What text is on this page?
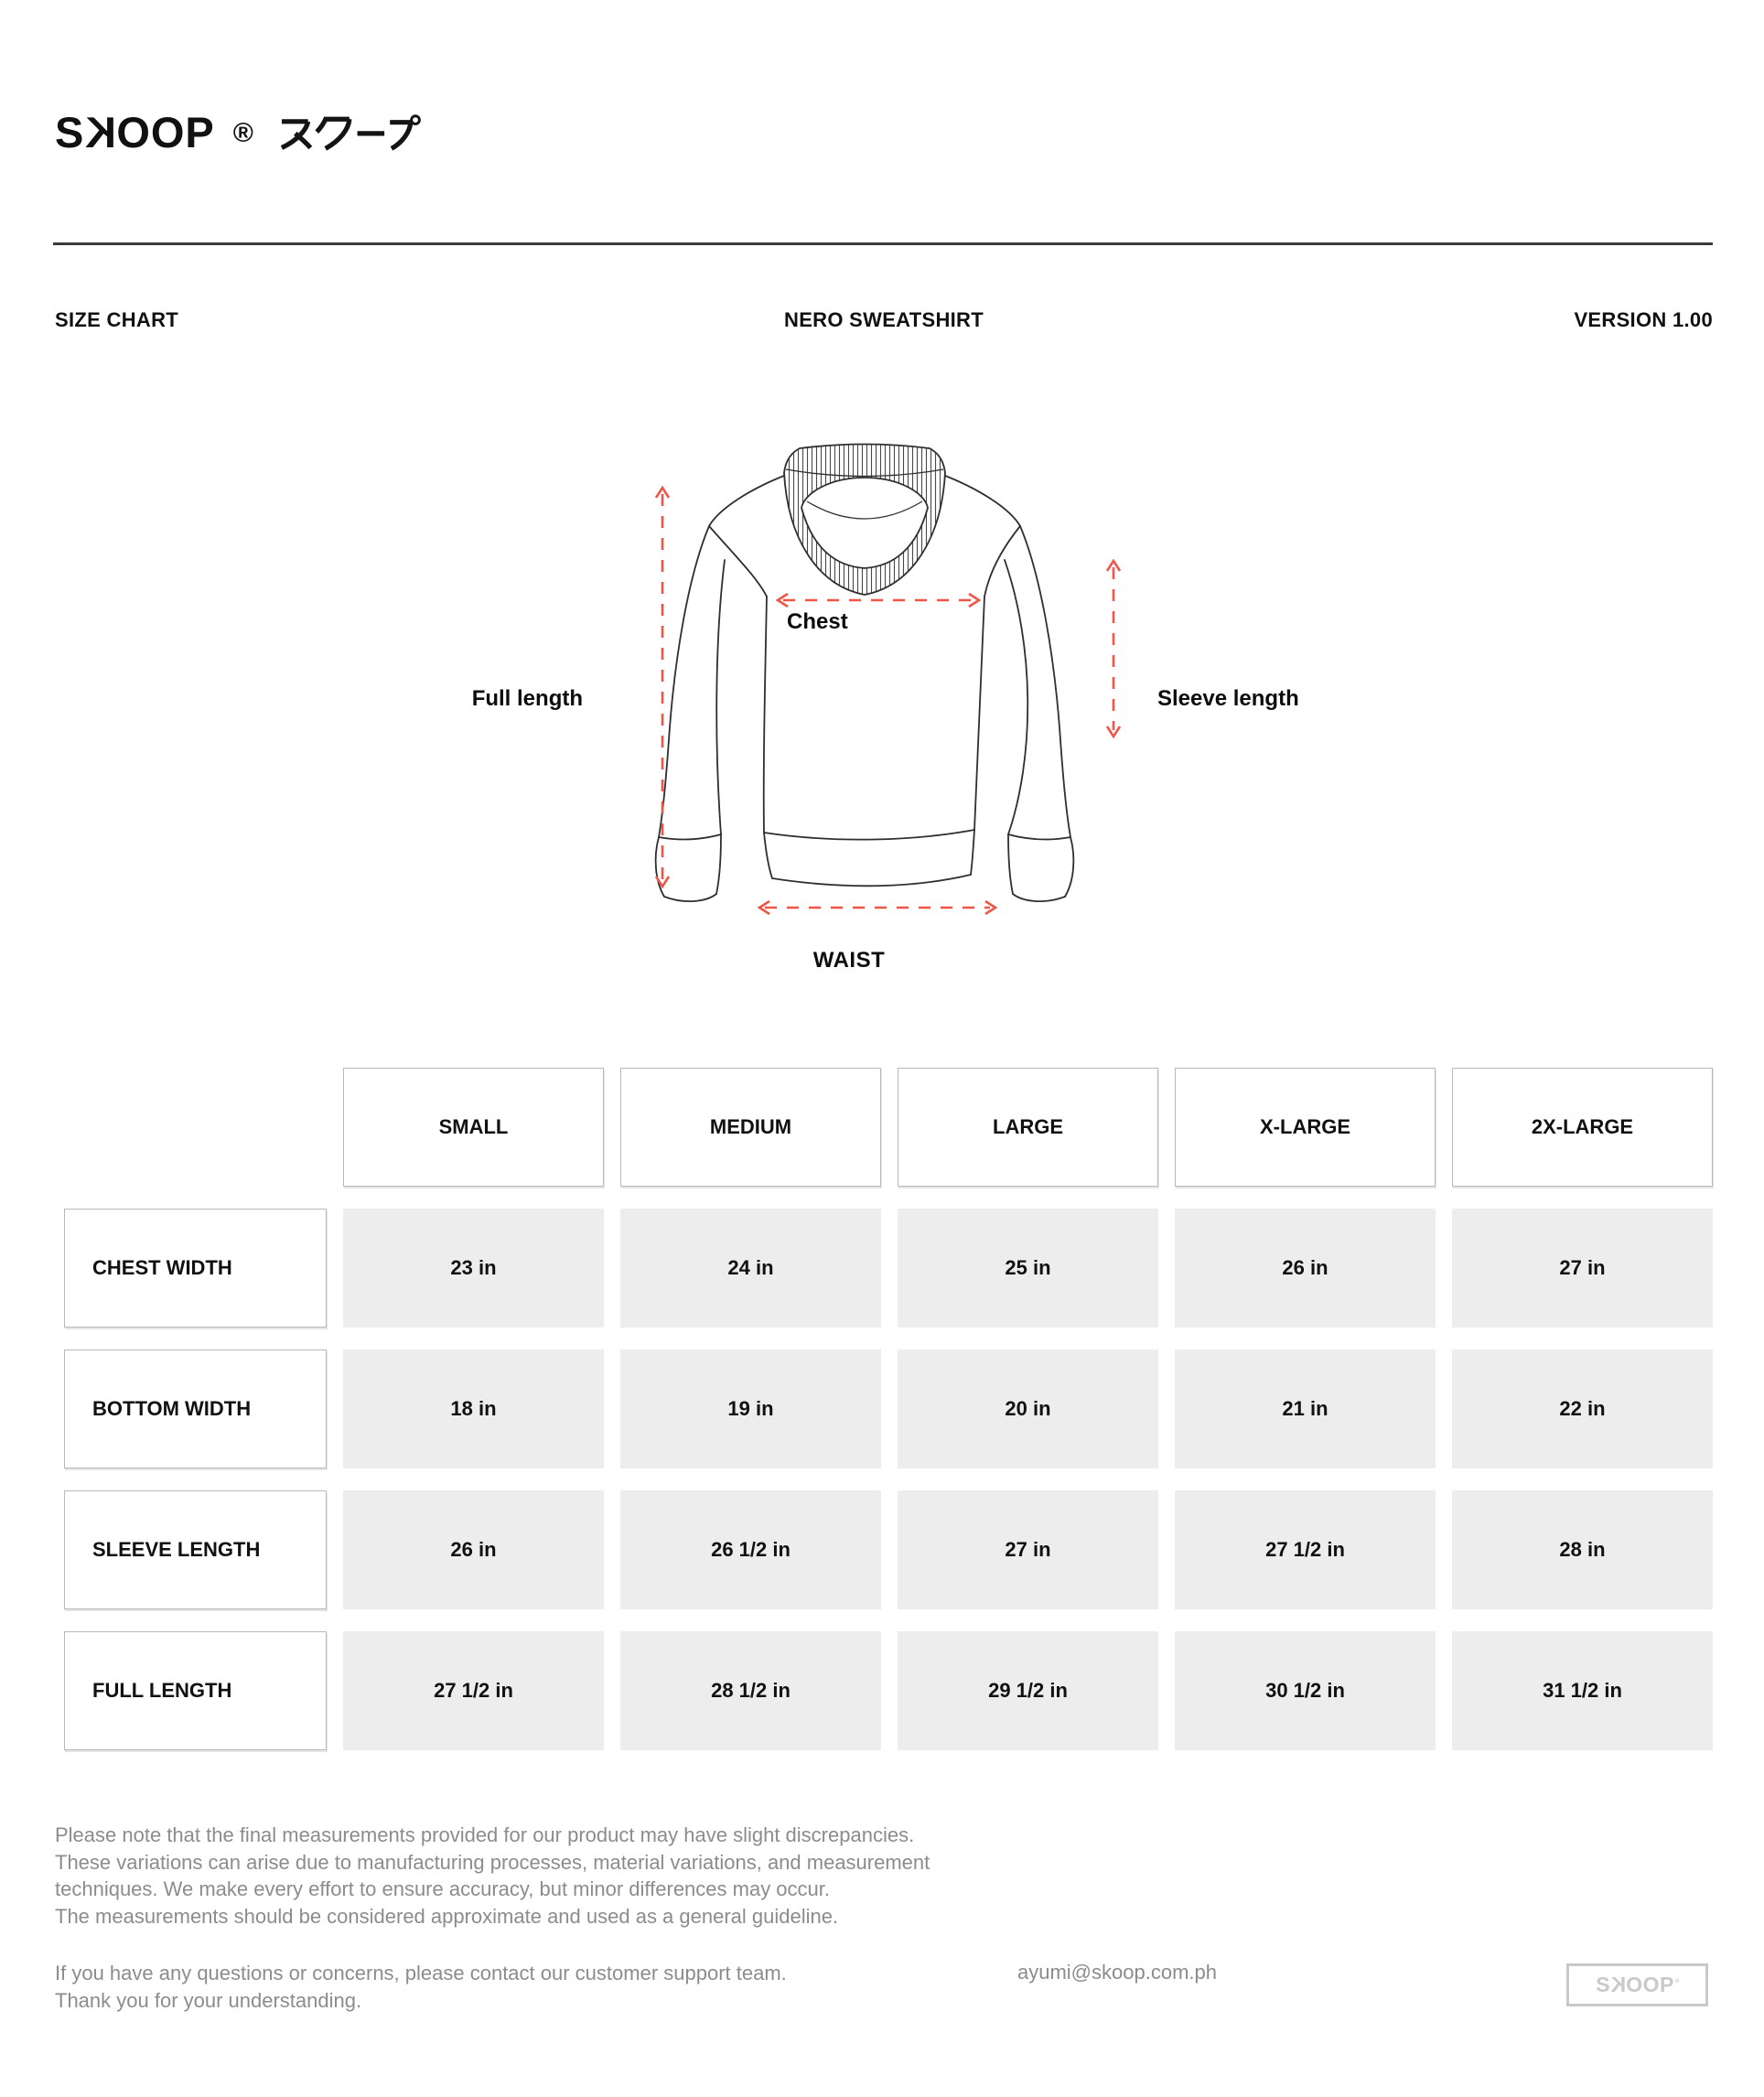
SKOOP ®
SIZE CHART	NERO SWEATSHIRT	VERSION 1.00
Full length
Chest
Sleeve length
WAIST
SMALL	MEDIUM	LARGE	X-LARGE	2X-LARGE
CHEST WIDTH	23 in	24 in	25 in	26 in	27 in
BOTTOM WIDTH	18 in	19 in	20 in	21 in	22 in
SLEEVE LENGTH	26 in	26 1/2 in	27 in	27 1/2 in	28 in
FULL LENGTH	27 1/2 in	28 1/2 in	29 1/2 in	30 1/2 in	31 1/2 in
Please note that the final measurements provided for our product may have slight discrepancies.
These variations can arise due to manufacturing processes, material variations, and measurement
techniques. We make every effort to ensure accuracy, but minor differences may occur.
The measurements should be considered approximate and used as a general guideline.
If you have any questions or concerns, please contact our customer support team.
Thank you for your understanding.
ayumi@skoop.com.ph
S K OOP°
